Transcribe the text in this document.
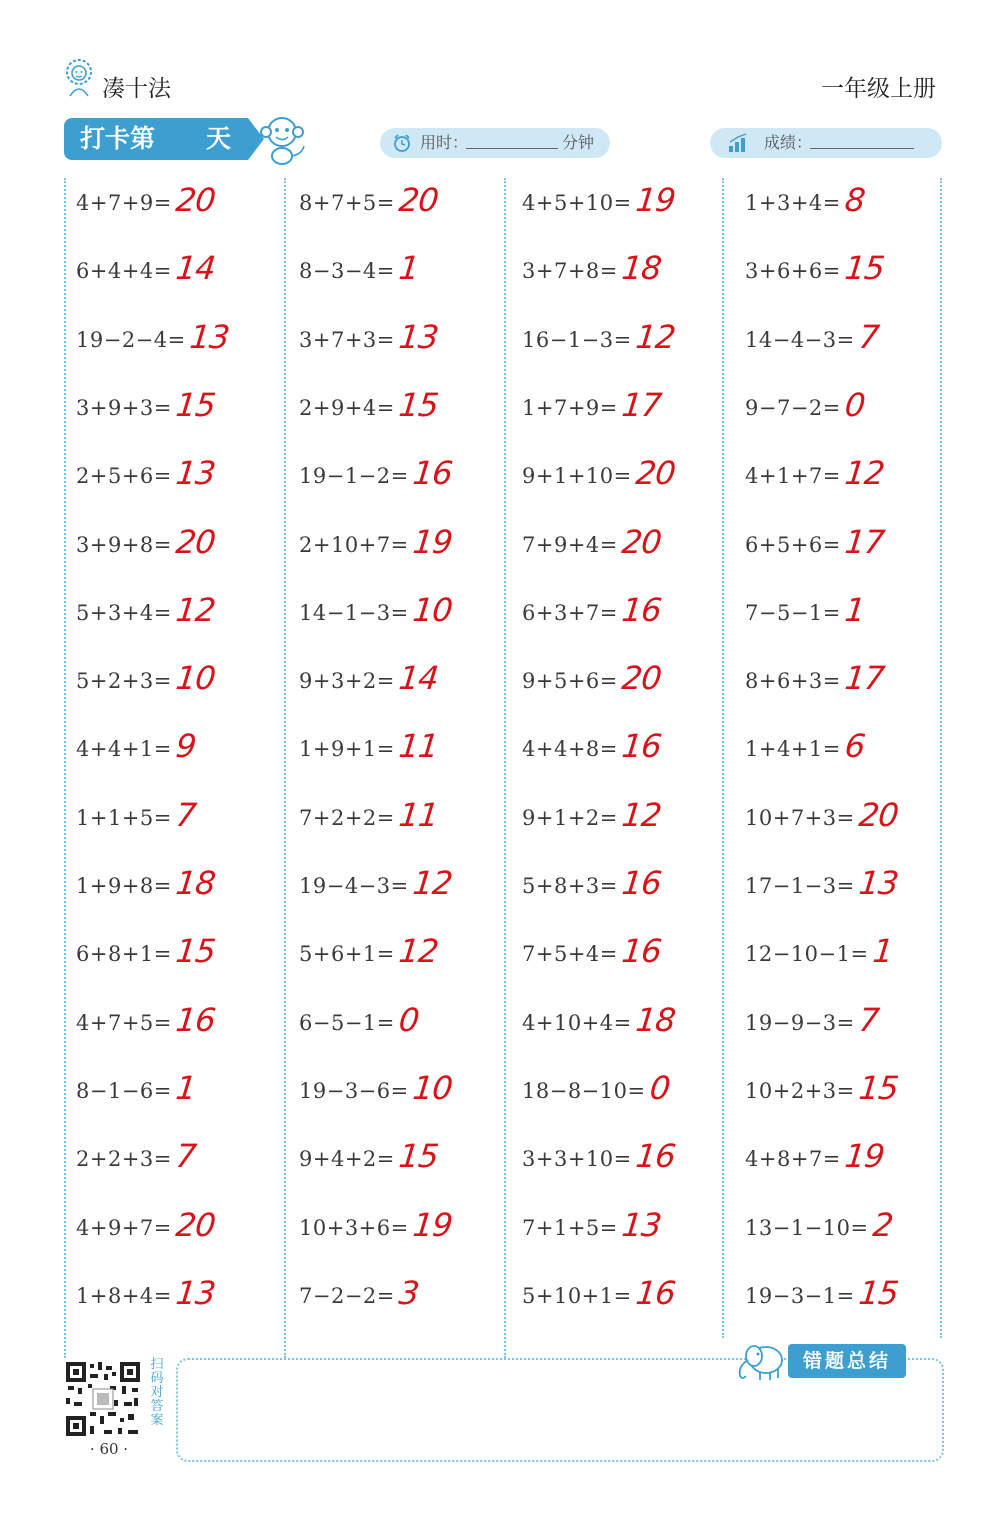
凑十法	一年级上册
打卡第 天	用时：	分钟	成绩：
4+7+9= 20
6+4+4= 14
19−2−4= 13
3+9+3= 15
2+5+6= 13
3+9+8= 20
5+3+4= 12
5+2+3= 10
4+4+1= 9
1+1+5= 7
1+9+8= 18
6+8+1= 15
4+7+5= 16
8−1−6= 1
2+2+3= 7
4+9+7= 20
1+8+4= 13
8+7+5= 20
8−3−4= 1
3+7+3= 13
2+9+4= 15
19−1−2= 16
2+10+7= 19
14−1−3= 10
9+3+2= 14
1+9+1= 11
7+2+2= 11
19−4−3= 12
5+6+1= 12
6−5−1= 0
19−3−6= 10
9+4+2= 15
10+3+6= 19
7−2−2= 3
4+5+10= 19
3+7+8= 18
16−1−3= 12
1+7+9= 17
9+1+10= 20
7+9+4= 20
6+3+7= 16
9+5+6= 20
4+4+8= 16
9+1+2= 12
5+8+3= 16
7+5+4= 16
4+10+4= 18
18−8−10= 0
3+3+10= 16
7+1+5= 13
5+10+1= 16
1+3+4= 8
3+6+6= 15
14−4−3= 7
9−7−2= 0
4+1+7= 12
6+5+6= 17
7−5−1= 1
8+6+3= 17
1+4+1= 6
10+7+3= 20
17−1−3= 13
12−10−1= 1
19−9−3= 7
10+2+3= 15
4+8+7= 19
13−1−10= 2
19−3−1= 15
扫码对答案
· 60 ·
错题总结
